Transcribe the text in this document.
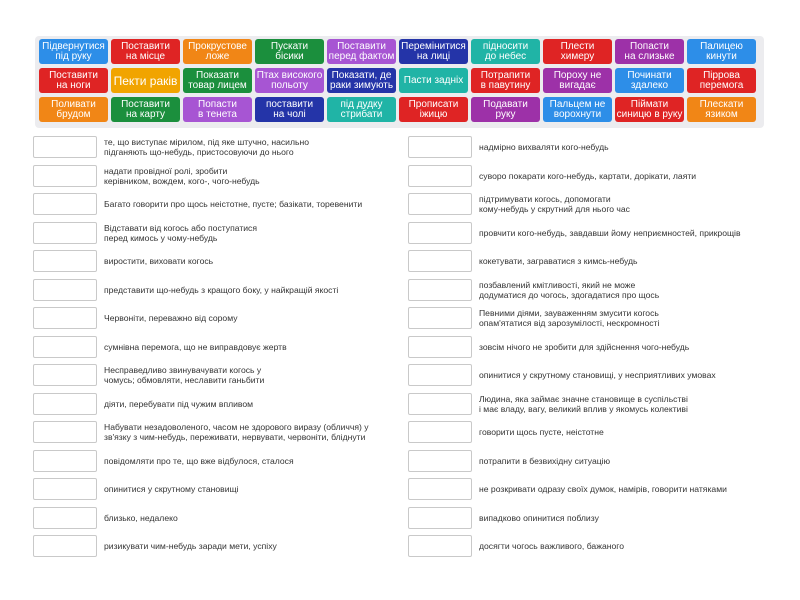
Підвернутися
під руку
Поставити
на місце
Прокрустове
ложе
Пускати
бісики
Поставити
перед фактом
Перемінитися
на лиці
підносити
до небес
Плести
химеру
Попасти
на слизьке
Палицею
кинути
Поставити
на ноги	Пекти раків	Показати
товар лицем
Птах високого
польоту
Показати, де
раки зимують	Пасти задніх	Потрапити
в павутину
Пороху не
вигадає
Починати
здалеко
Піррова
перемога
Поливати
брудом
Поставити
на карту
Попасти
в тенета
поставити
на чолі
під дудку
стрибати
Прописати
іжицю
Подавати
руку
Пальцем не
ворохнути
Піймати
синицю в руку
Плескати
язиком
те, що виступає мірилом, під яке штучно, насильно
підганяють що-небудь, пристосовуючи до нього
надати провідної ролі, зробити
керівником, вождем, кого-, чого-небудь
Багато говорити про щось неістотне, пусте; базікати, торевенити
Відставати від когось або поступатися
перед кимось у чому-небудь
виростити, виховати когось
представити що-небудь з кращого боку, у найкращій якості
Червоніти, переважно від сорому
сумнівна перемога, що не виправдовує жертв
Несправедливо звинувачувати когось у
чомусь; обмовляти, неславити ганьбити
діяти, перебувати під чужим впливом
Набувати незадоволеного, часом не здорового виразу (обличчя) у
зв'язку з чим-небудь, переживати, нервувати, червоніти, блідн​ути
повідомляти про те, що вже відбулося, сталося
опинитися у скрутному становищі
близько, недалеко
ризикувати чим-небудь заради мети, успіху
надмірно вихваляти кого-небудь
суворо покарати кого-небудь, картати, дорікати, лаяти
підтримувати когось, допомогати
кому-небудь у скрутний для нього час
провчити кого-небудь, завдавши йому неприємностей, прикрощів
кокетувати, заграватися з кимсь-небудь
позбавлений кмітливості, який не може
додуматися до чогось, здогадатися про щось
Певними діями, зауваженням змусити когось
опам'ятатися від зарозумілості, нескромності
зовсім нічого не зробити для здійснення чого-небудь
опинитися у скрутному становищі, у несприятливих умовах
Людина, яка займає значне становище в суспільстві
і має владу, вагу, великий вплив у якомусь колективі
говорити щось пусте, неістотне
потрапити в безвихідну ситуацію
не розкривати одразу своїх думок, намірів, говорити натяками
випадково опинитися поблизу
досягти чогось важливого, бажаного
